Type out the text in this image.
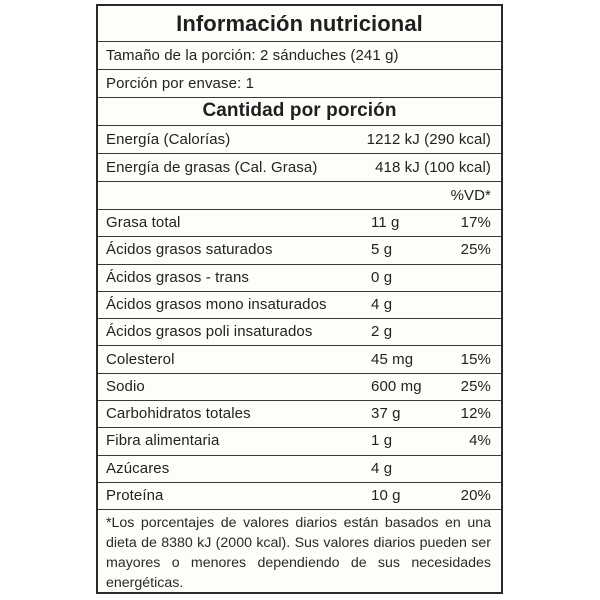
Información nutricional
Tamaño de la porción: 2 sánduches (241 g)
Porción por envase: 1
Cantidad por porción
Energía (Calorías)	1212 kJ (290 kcal)
Energía de grasas (Cal. Grasa)	418 kJ (100 kcal)
%VD*
Grasa total	11 g	17%
Ácidos grasos saturados	5 g	25%
Ácidos grasos - trans	0 g
Ácidos grasos mono insaturados	4 g
Ácidos grasos poli insaturados	2 g
Colesterol	45 mg	15%
Sodio	600 mg	25%
Carbohidratos totales	37 g	12%
Fibra alimentaria	1 g	4%
Azúcares	4 g
Proteína	10 g	20%
*Los porcentajes de valores diarios están basados en una dieta de 8380 kJ (2000 kcal). Sus valores diarios pueden ser mayores o menores dependiendo de sus necesidades energéticas.
